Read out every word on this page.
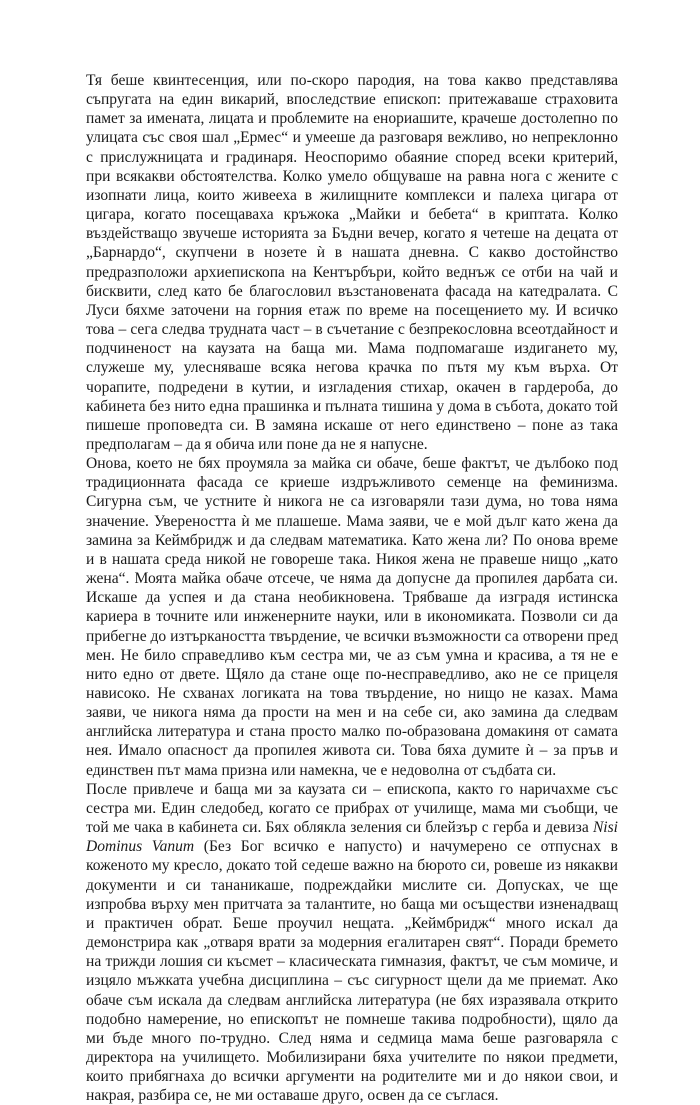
Тя беше квинтесенция, или по-скоро пародия, на това какво представлява съпругата на един викарий, впоследствие епископ: притежаваше страховита памет за имената, лицата и проблемите на енориашите, крачеше достолепно по улицата със своя шал „Ермес“ и умееше да разговаря вежливо, но непреклонно с прислужницата и градинаря. Неоспоримо обаяние според всеки критерий, при всякакви обстоятелства. Колко умело общуваше на равна нога с жените с изопнати лица, които живееха в жилищните комплекси и палеха цигара от цигара, когато посещаваха кръжока „Майки и бебета“ в криптата. Колко въздействащо звучеше историята за Бъдни вечер, когато я четеше на децата от „Барнардо“, скупчени в нозете ѝ в нашата дневна. С какво достойнство предразположи архиепископа на Кентърбъри, който веднъж се отби на чай и бисквити, след като бе благословил възстановената фасада на катедралата. С Луси бяхме заточени на горния етаж по време на посещението му. И всичко това – сега следва трудната част – в съчетание с безпрекословна всеотдайност и подчиненост на каузата на баща ми. Мама подпомагаше издигането му, служеше му, улесняваше всяка негова крачка по пътя му към върха. От чорапите, подредени в кутии, и изгладения стихар, окачен в гардероба, до кабинета без нито една прашинка и пълната тишина у дома в събота, докато той пишеше проповедта си. В замяна искаше от него единствено – поне аз така предполагам – да я обича или поне да не я напусне.

Онова, което не бях проумяла за майка си обаче, беше фактът, че дълбоко под традиционната фасада се криеше издръжливото семенце на феминизма. Сигурна съм, че устните ѝ никога не са изговаряли тази дума, но това няма значение. Увереността ѝ ме плашеше. Мама заяви, че е мой дълг като жена да замина за Кеймбридж и да следвам математика. Като жена ли? По онова време и в нашата среда никой не говореше така. Никоя жена не правеше нищо „като жена“. Моята майка обаче отсече, че няма да допусне да пропилея дарбата си. Искаше да успея и да стана необикновена. Трябваше да изградя истинска кариера в точните или инженерните науки, или в икономиката. Позволи си да прибегне до изтъркаността твърдение, че всички възможности са отворени пред мен. Не било справедливо към сестра ми, че аз съм умна и красива, а тя не е нито едно от двете. Щяло да стане още по-несправедливо, ако не се прицеля нависоко. Не схванах логиката на това твърдение, но нищо не казах. Мама заяви, че никога няма да прости на мен и на себе си, ако замина да следвам английска литература и стана просто малко по-образована домакиня от самата нея. Имало опасност да пропилея живота си. Това бяха думите ѝ – за пръв и единствен път мама призна или намекна, че е недоволна от съдбата си.

После привлече и баща ми за каузата си – епископа, както го наричахме със сестра ми. Един следобед, когато се прибрах от училище, мама ми съобщи, че той ме чака в кабинета си. Бях облякла зеления си блейзър с герба и девиза Nisi Dominus Vanum (Без Бог всичко е напусто) и начумерено се отпуснах в коженото му кресло, докато той седеше важно на бюрото си, ровеше из някакви документи и си тананикаше, подреждайки мислите си. Допусках, че ще изпробва върху мен притчата за талантите, но баща ми осъществи изненадващ и практичен обрат. Беше проучил нещата. „Кеймбридж“ много искал да демонстрира как „отваря врати за модерния егалитарен свят“. Поради бремето на трижди лошия си късмет – класическата гимназия, фактът, че съм момиче, и изцяло мъжката учебна дисциплина – със сигурност щели да ме приемат. Ако обаче съм искала да следвам английска литература (не бях изразявала открито подобно намерение, но епископът не помнеше такива подробности), щяло да ми бъде много по-трудно. След няма и седмица мама беше разговаряла с директора на училището. Мобилизирани бяха учителите по някои предмети, които прибягнаха до всички аргументи на родителите ми и до някои свои, и накрая, разбира се, не ми оставаше друго, освен да се съглася.
